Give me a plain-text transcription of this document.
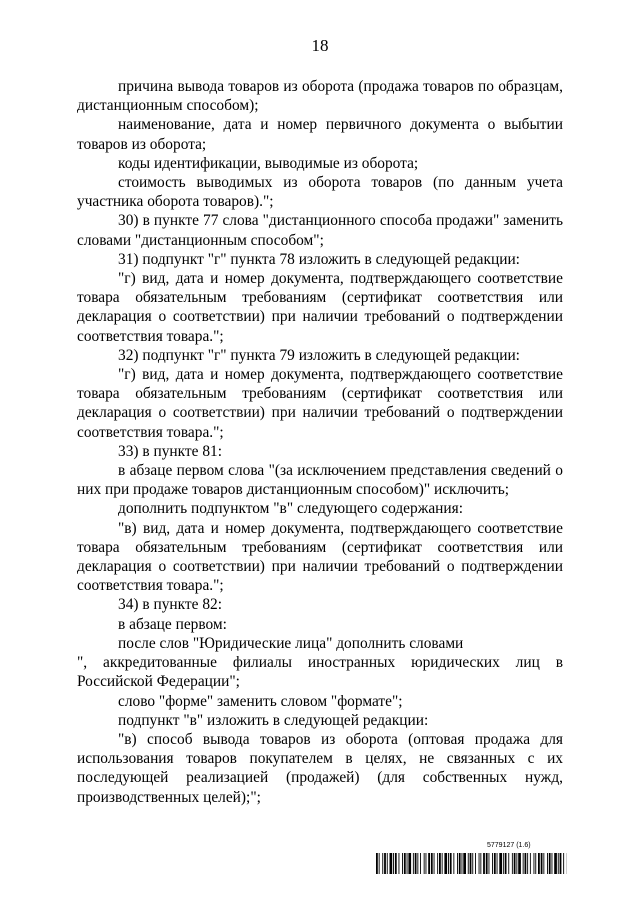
18

причина вывода товаров из оборота (продажа товаров по образцам, дистанционным способом);

наименование, дата и номер первичного документа о выбытии товаров из оборота;

коды идентификации, выводимые из оборота;

стоимость выводимых из оборота товаров (по данным учета участника оборота товаров).";

30) в пункте 77 слова "дистанционного способа продажи" заменить словами "дистанционным способом";

31) подпункт "г" пункта 78 изложить в следующей редакции:

"г) вид, дата и номер документа, подтверждающего соответствие товара обязательным требованиям (сертификат соответствия или декларация о соответствии) при наличии требований о подтверждении соответствия товара.";

32) подпункт "г" пункта 79 изложить в следующей редакции:

"г) вид, дата и номер документа, подтверждающего соответствие товара обязательным требованиям (сертификат соответствия или декларация о соответствии) при наличии требований о подтверждении соответствия товара.";

33) в пункте 81:

в абзаце первом слова "(за исключением представления сведений о них при продаже товаров дистанционным способом)" исключить;

дополнить подпунктом "в" следующего содержания:

"в) вид, дата и номер документа, подтверждающего соответствие товара обязательным требованиям (сертификат соответствия или декларация о соответствии) при наличии требований о подтверждении соответствия товара.";

34) в пункте 82:

в абзаце первом:

после слов "Юридические лица" дополнить словами
", аккредитованные филиалы иностранных юридических лиц в Российской Федерации";

слово "форме" заменить словом "формате";

подпункт "в" изложить в следующей редакции:

"в) способ вывода товаров из оборота (оптовая продажа для использования товаров покупателем в целях, не связанных с их последующей реализацией (продажей) (для собственных нужд, производственных целей);";

5779127 (1.6)
